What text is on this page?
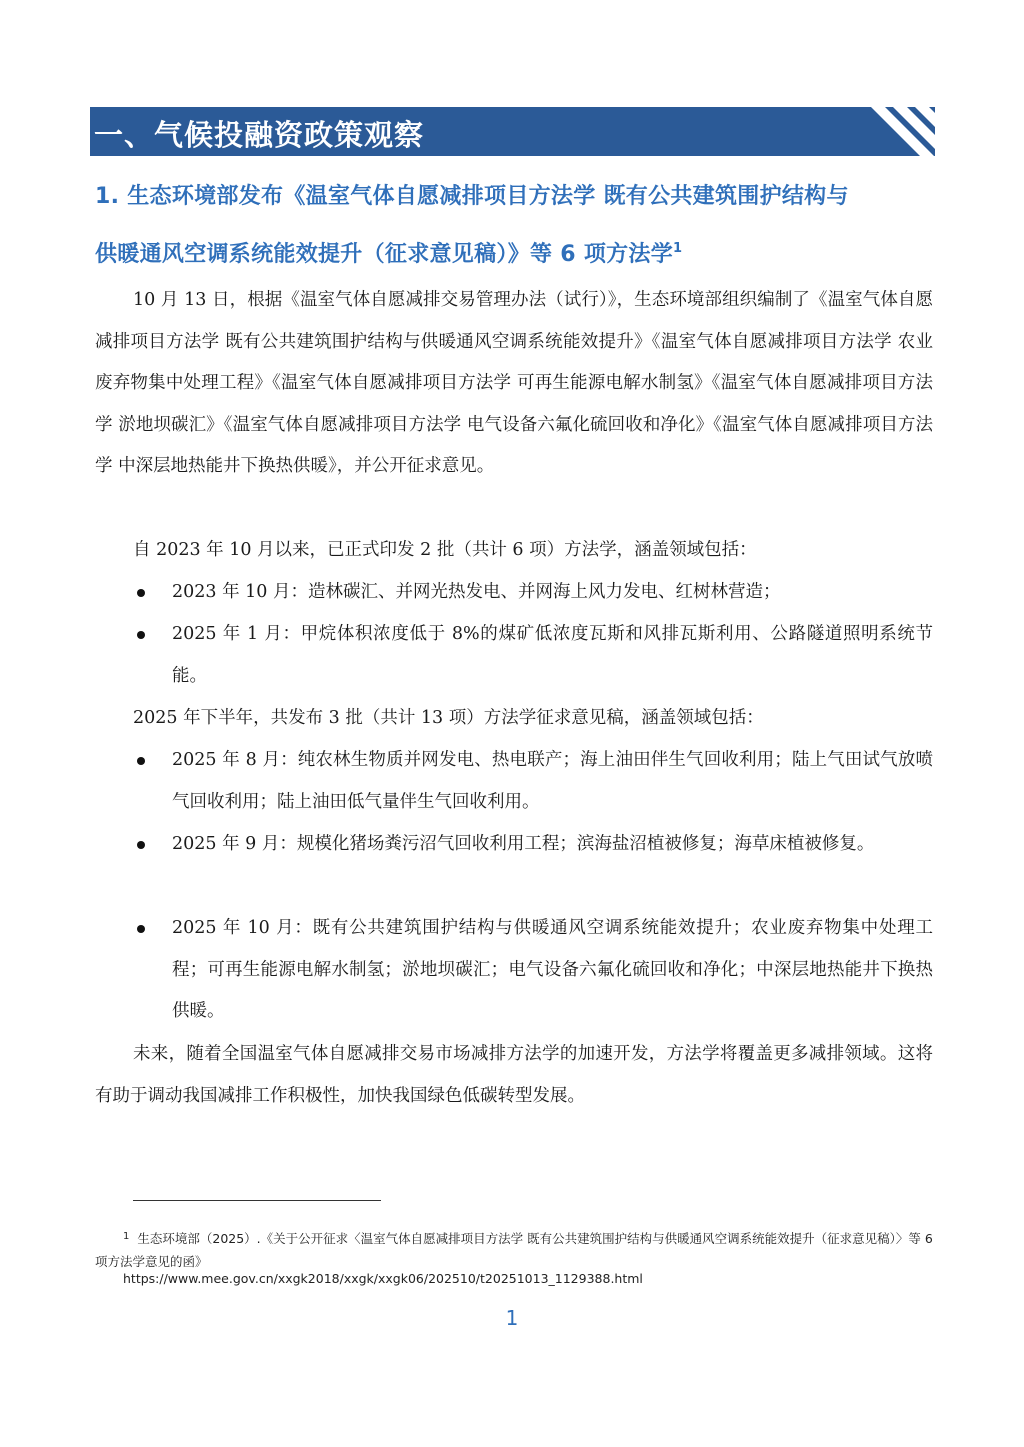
一、气候投融资政策观察
1. 生态环境部发布《温室气体自愿减排项目方法学 既有公共建筑围护结构与
供暖通风空调系统能效提升（征求意见稿）》等 6 项方法学$^1$

10 月 13 日，根据《温室气体自愿减排交易管理办法（试行）》，生态环境部组织编制了《温室气体自愿减排项目方法学 既有公共建筑围护结构与供暖通风空调系统能效提升》《温室气体自愿减排项目方法学 农业废弃物集中处理工程》《温室气体自愿减排项目方法学 可再生能源电解水制氢》《温室气体自愿减排项目方法学 淤地坝碳汇》《温室气体自愿减排项目方法学 电气设备六氟化硫回收和净化》《温室气体自愿减排项目方法学 中深层地热能井下换热供暖》，并公开征求意见。

自 2023 年 10 月以来，已正式印发 2 批（共计 6 项）方法学，涵盖领域包括：

2023 年 10 月：造林碳汇、并网光热发电、并网海上风力发电、红树林营造；
2025 年 1 月：甲烷体积浓度低于 8%的煤矿低浓度瓦斯和风排瓦斯利用、公路隧道照明系统节能。

2025 年下半年，共发布 3 批（共计 13 项）方法学征求意见稿，涵盖领域包括：

2025 年 8 月：纯农林生物质并网发电、热电联产；海上油田伴生气回收利用；陆上气田试气放喷气回收利用；陆上油田低气量伴生气回收利用。
2025 年 9 月：规模化猪场粪污沼气回收利用工程；滨海盐沼植被修复；海草床植被修复。
2025 年 10 月：既有公共建筑围护结构与供暖通风空调系统能效提升；农业废弃物集中处理工程；可再生能源电解水制氢；淤地坝碳汇；电气设备六氟化硫回收和净化；中深层地热能井下换热供暖。

未来，随着全国温室气体自愿减排交易市场减排方法学的加速开发，方法学将覆盖更多减排领域。这将有助于调动我国减排工作积极性，加快我国绿色低碳转型发展。

$^1$ 生态环境部（2025）.《关于公开征求〈温室气体自愿减排项目方法学 既有公共建筑围护结构与供暖通风空调系统能效提升（征求意见稿）〉等 6 项方法学意见的函》

https://www.mee.gov.cn/xxgk2018/xxgk/xxgk06/202510/t20251013_1129388.html
1
